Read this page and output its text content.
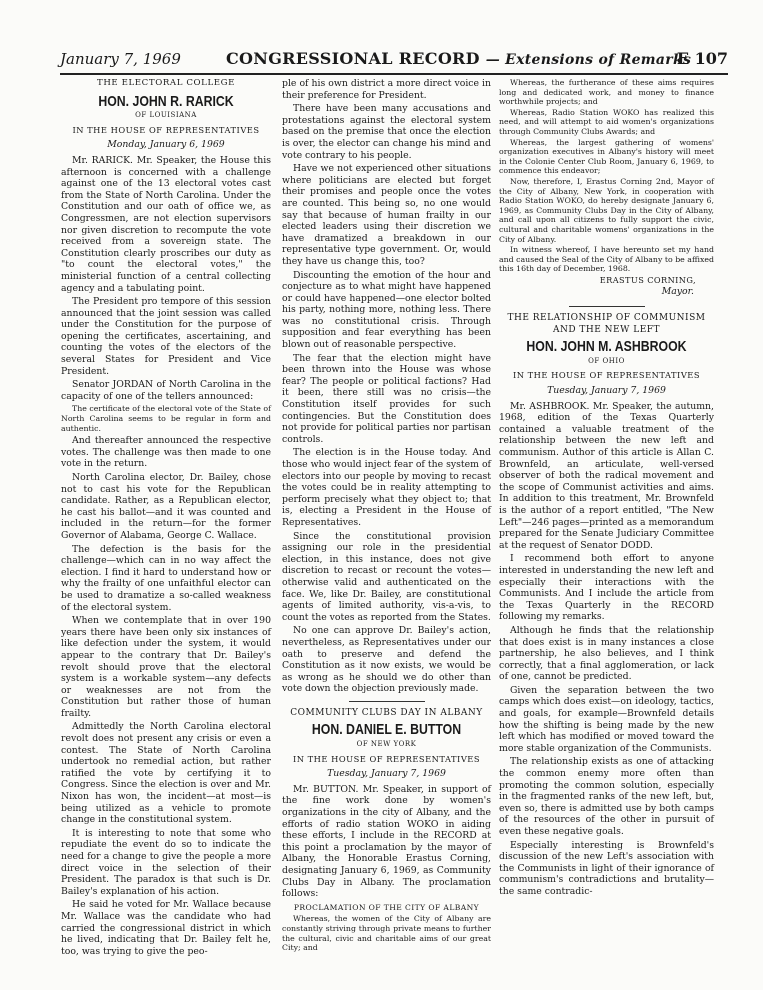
January 7, 1969	CONGRESSIONAL RECORD — Extensions of Remarks
E 107
THE ELECTORAL COLLEGE
HON. JOHN R. RARICK
OF LOUISIANA
IN THE HOUSE OF REPRESENTATIVES
Monday, January 6, 1969

Mr. RARICK. Mr. Speaker, the House this afternoon is concerned with a challenge against one of the 13 electoral votes cast from the State of North Carolina. Under the Constitution and our oath of office we, as Congressmen, are not election supervisors nor given discretion to recompute the vote received from a sovereign state. The Constitution clearly proscribes our duty as "to count the electoral votes," the ministerial function of a central collecting agency and a tabulating point.

The President pro tempore of this session announced that the joint session was called under the Constitution for the purpose of opening the certificates, ascertaining, and counting the votes of the electors of the several States for President and Vice President.

Senator JORDAN of North Carolina in the capacity of one of the tellers announced:

The certificate of the electoral vote of the State of North Carolina seems to be regular in form and authentic.

And thereafter announced the respective votes. The challenge was then made to one vote in the return.

North Carolina elector, Dr. Bailey, chose not to cast his vote for the Republican candidate. Rather, as a Republican elector, he cast his ballot—and it was counted and included in the return—for the former Governor of Alabama, George C. Wallace.

The defection is the basis for the challenge—which can in no way affect the election. I find it hard to understand how or why the frailty of one unfaithful elector can be used to dramatize a so-called weakness of the electoral system.

When we contemplate that in over 190 years there have been only six instances of like defection under the system, it would appear to the contrary that Dr. Bailey's revolt should prove that the electoral system is a workable system—any defects or weaknesses are not from the Constitution but rather those of human frailty.

Admittedly the North Carolina electoral revolt does not present any crisis or even a contest. The State of North Carolina undertook no remedial action, but rather ratified the vote by certifying it to Congress. Since the election is over and Mr. Nixon has won, the incident—at most—is being utilized as a vehicle to promote change in the constitutional system.

It is interesting to note that some who repudiate the event do so to indicate the need for a change to give the people a more direct voice in the selection of their President. The paradox is that such is Dr. Bailey's explanation of his action.

He said he voted for Mr. Wallace because Mr. Wallace was the candidate who had carried the congressional district in which he lived, indicating that Dr. Bailey felt he, too, was trying to give the peo-

ple of his own district a more direct voice in their preference for President.

There have been many accusations and protestations against the electoral system based on the premise that once the election is over, the elector can change his mind and vote contrary to his people.

Have we not experienced other situations where politicians are elected but forget their promises and people once the votes are counted. This being so, no one would say that because of human frailty in our elected leaders using their discretion we have dramatized a breakdown in our representative type government. Or, would they have us change this, too?

Discounting the emotion of the hour and conjecture as to what might have happened or could have happened—one elector bolted his party, nothing more, nothing less. There was no constitutional crisis. Through supposition and fear everything has been blown out of reasonable perspective.

The fear that the election might have been thrown into the House was whose fear? The people or political factions? Had it been, there still was no crisis—the Constitution itself provides for such contingencies. But the Constitution does not provide for political parties nor partisan controls.

The election is in the House today. And those who would inject fear of the system of electors into our people by moving to recast the votes could be in reality attempting to perform precisely what they object to; that is, electing a President in the House of Representatives.

Since the constitutional provision assigning our role in the presidential election, in this instance, does not give discretion to recast or recount the votes—otherwise valid and authenticated on the face. We, like Dr. Bailey, are constitutional agents of limited authority, vis-a-vis, to count the votes as reported from the States.

No one can approve Dr. Bailey's action, nevertheless, as Representatives under our oath to preserve and defend the Constitution as it now exists, we would be as wrong as he should we do other than vote down the objection previously made.

COMMUNITY CLUBS DAY IN ALBANY
HON. DANIEL E. BUTTON
OF NEW YORK
IN THE HOUSE OF REPRESENTATIVES
Tuesday, January 7, 1969

Mr. BUTTON. Mr. Speaker, in support of the fine work done by women's organizations in the city of Albany, and the efforts of radio station WOKO in aiding these efforts, I include in the RECORD at this point a proclamation by the mayor of Albany, the Honorable Erastus Corning, designating January 6, 1969, as Community Clubs Day in Albany. The proclamation follows:

PROCLAMATION OF THE CITY OF ALBANY

Whereas, the women of the City of Albany are constantly striving through private means to further the cultural, civic and charitable aims of our great City; and

Whereas, the furtherance of these aims requires long and dedicated work, and money to finance worthwhile projects; and

Whereas, Radio Station WOKO has realized this need, and will attempt to aid women's organizations through Community Clubs Awards; and

Whereas, the largest gathering of womens' organization executives in Albany's history will meet in the Colonie Center Club Room, January 6, 1969, to commence this endeavor;

Now, therefore, I, Erastus Corning 2nd, Mayor of the City of Albany, New York, in cooperation with Radio Station WOKO, do hereby designate January 6, 1969, as Community Clubs Day in the City of Albany, and call upon all citizens to fully support the civic, cultural and charitable womens' organizations in the City of Albany.

In witness whereof, I have hereunto set my hand and caused the Seal of the City of Albany to be affixed this 16th day of December, 1968.

ERASTUS CORNING,
Mayor.
THE RELATIONSHIP OF COMMUNISM AND THE NEW LEFT
HON. JOHN M. ASHBROOK
OF OHIO
IN THE HOUSE OF REPRESENTATIVES
Tuesday, January 7, 1969

Mr. ASHBROOK. Mr. Speaker, the autumn, 1968, edition of the Texas Quarterly contained a valuable treatment of the relationship between the new left and communism. Author of this article is Allan C. Brownfeld, an articulate, well-versed observer of both the radical movement and the scope of Communist activities and aims. In addition to this treatment, Mr. Brownfeld is the author of a report entitled, "The New Left"—246 pages—printed as a memorandum prepared for the Senate Judiciary Committee at the request of Senator DODD.

I recommend both effort to anyone interested in understanding the new left and especially their interactions with the Communists. And I include the article from the Texas Quarterly in the RECORD following my remarks.

Although he finds that the relationship that does exist is in many instances a close partnership, he also believes, and I think correctly, that a final agglomeration, or lack of one, cannot be predicted.

Given the separation between the two camps which does exist—on ideology, tactics, and goals, for example—Brownfeld details how the shifting is being made by the new left which has modified or moved toward the more stable organization of the Communists.

The relationship exists as one of attacking the common enemy more often than promoting the common solution, especially in the fragmented ranks of the new left, but, even so, there is admitted use by both camps of the resources of the other in pursuit of even these negative goals.

Especially interesting is Brownfeld's discussion of the new Left's association with the Communists in light of their ignorance of communism's contradictions and brutality—the same contradic-
